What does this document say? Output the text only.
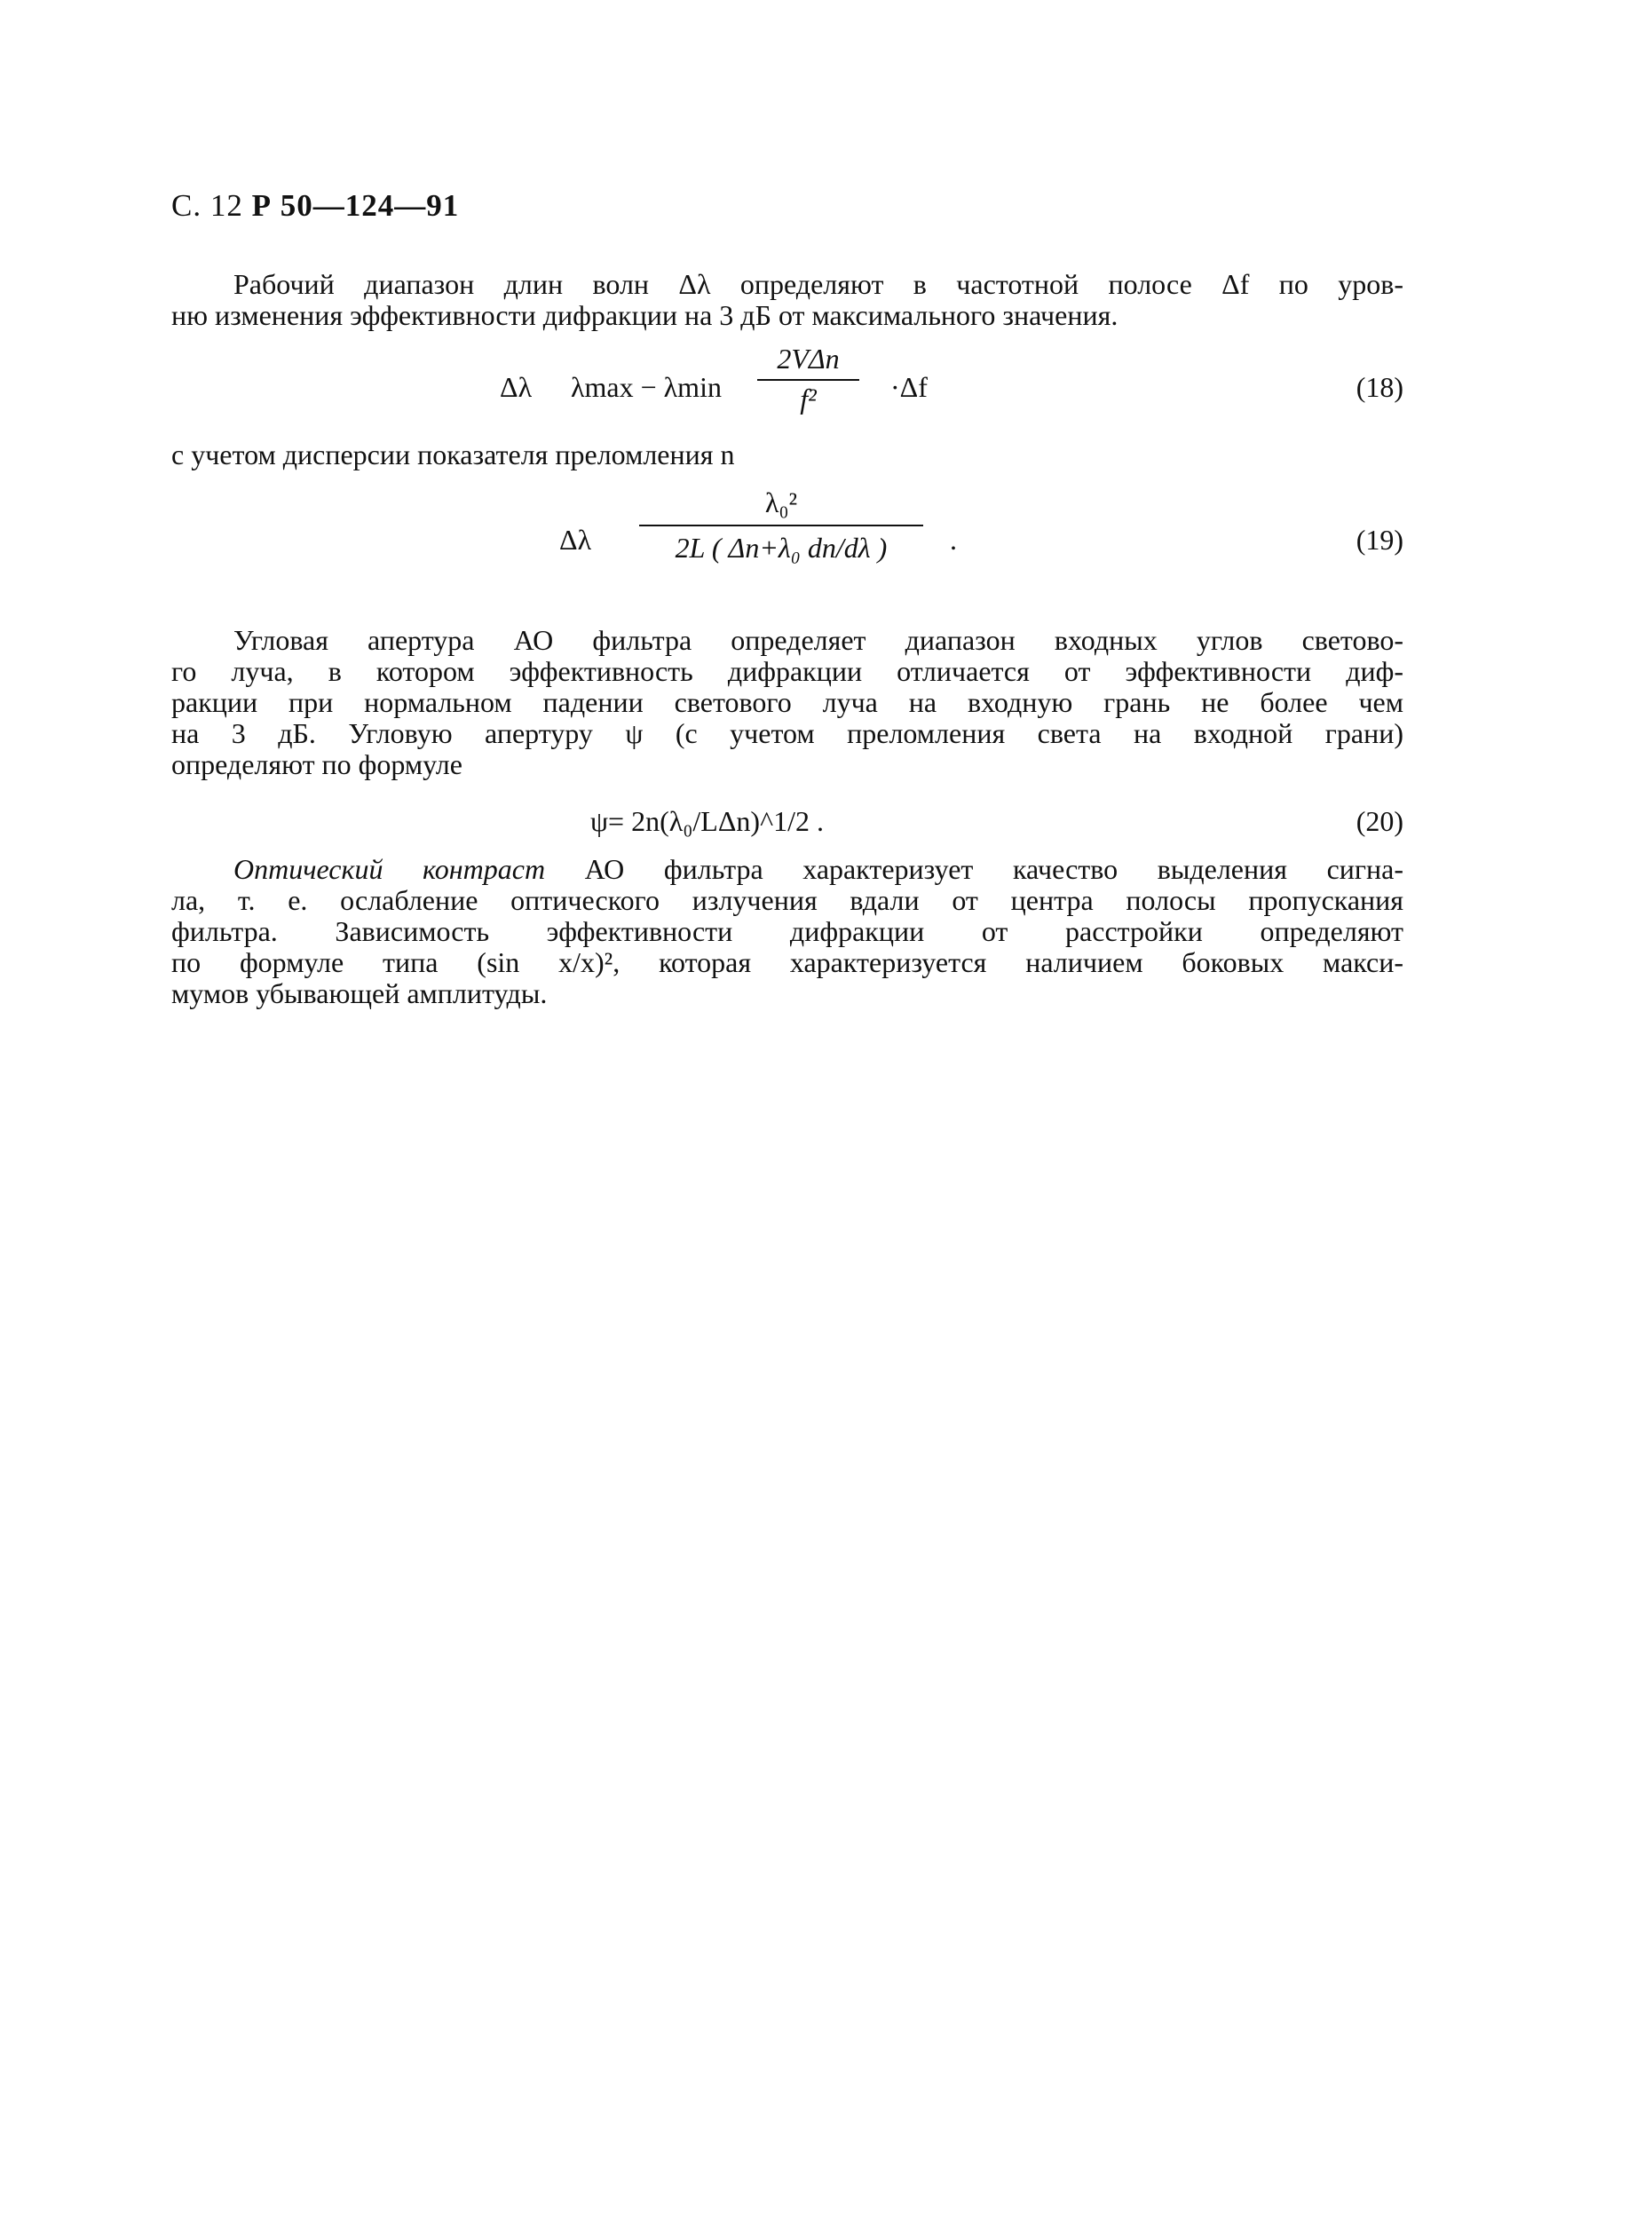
С. 12 Р 50—124—91
Рабочий диапазон длин волн Δλ определяют в частотной полосе Δf по уров-
ню изменения эффективности дифракции на 3 дБ от максимального значения.
Δλ λmax − λmin
2VΔn
f²	·Δf	(18)
с учетом дисперсии показателя преломления n
Δλ
λ₀²
2L ( Δn+λ₀ dn/dλ )	.	(19)
Угловая апертура АО фильтра определяет диапазон входных углов светово-
го луча, в котором эффективность дифракции отличается от эффективности диф-
ракции при нормальном падении светового луча на входную грань не более чем
на 3 дБ. Угловую апертуру ψ (с учетом преломления света на входной грани)
определяют по формуле
ψ= 2n(λ₀/LΔn)^1/2 .	(20)
Оптический контраст АО фильтра характеризует качество выделения сигна-
ла, т. е. ослабление оптического излучения вдали от центра полосы пропускания
фильтра. Зависимость эффективности дифракции от расстройки определяют
по формуле типа (sin x/x)², которая характеризуется наличием боковых макси-
мумов убывающей амплитуды.
